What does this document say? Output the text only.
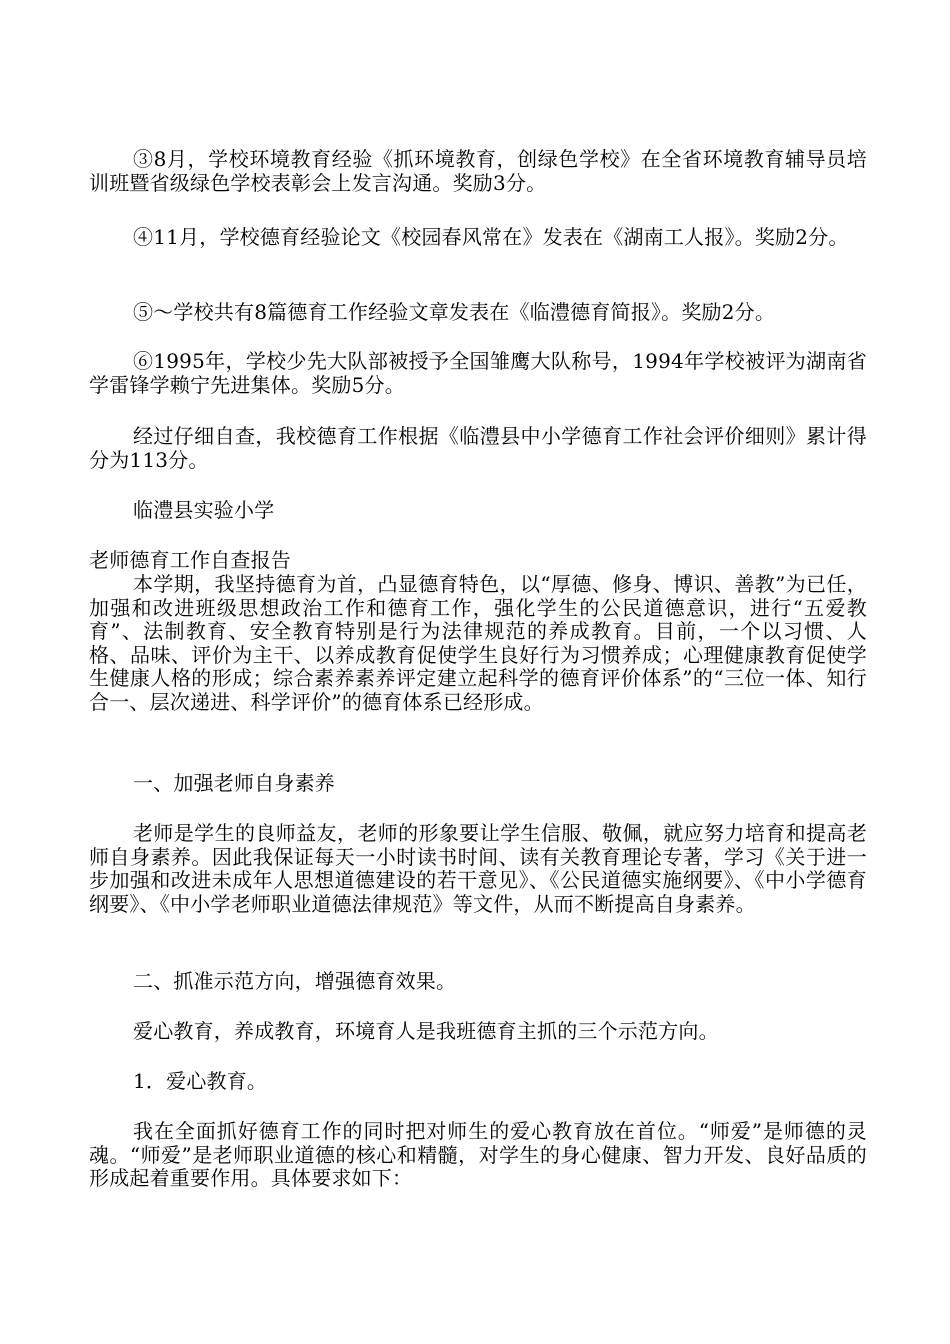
③8月，学校环境教育经验《抓环境教育，创绿色学校》在全省环境教育辅导员培训班暨省级绿色学校表彰会上发言沟通。奖励3分。

④11月，学校德育经验论文《校园春风常在》发表在《湖南工人报》。奖励2分。

⑤～学校共有8篇德育工作经验文章发表在《临澧德育简报》。奖励2分。

⑥1995年，学校少先大队部被授予全国雏鹰大队称号，1994年学校被评为湖南省学雷锋学赖宁先进集体。奖励5分。

经过仔细自查，我校德育工作根据《临澧县中小学德育工作社会评价细则》累计得分为113分。

临澧县实验小学

老师德育工作自查报告

本学期，我坚持德育为首，凸显德育特色，以“厚德、修身、博识、善教”为已任，加强和改进班级思想政治工作和德育工作，强化学生的公民道德意识，进行“五爱教育”、法制教育、安全教育特别是行为法律规范的养成教育。目前，一个以习惯、人格、品味、评价为主干、以养成教育促使学生良好行为习惯养成；心理健康教育促使学生健康人格的形成；综合素养素养评定建立起科学的德育评价体系”的“三位一体、知行合一、层次递进、科学评价”的德育体系已经形成。

一、加强老师自身素养

老师是学生的良师益友，老师的形象要让学生信服、敬佩，就应努力培育和提高老师自身素养。因此我保证每天一小时读书时间、读有关教育理论专著，学习《关于进一步加强和改进未成年人思想道德建设的若干意见》、《公民道德实施纲要》、《中小学德育纲要》、《中小学老师职业道德法律规范》等文件，从而不断提高自身素养。

二、抓准示范方向，增强德育效果。

爱心教育，养成教育，环境育人是我班德育主抓的三个示范方向。

1．爱心教育。

我在全面抓好德育工作的同时把对师生的爱心教育放在首位。“师爱”是师德的灵魂。“师爱”是老师职业道德的核心和精髓，对学生的身心健康、智力开发、良好品质的形成起着重要作用。具体要求如下：
